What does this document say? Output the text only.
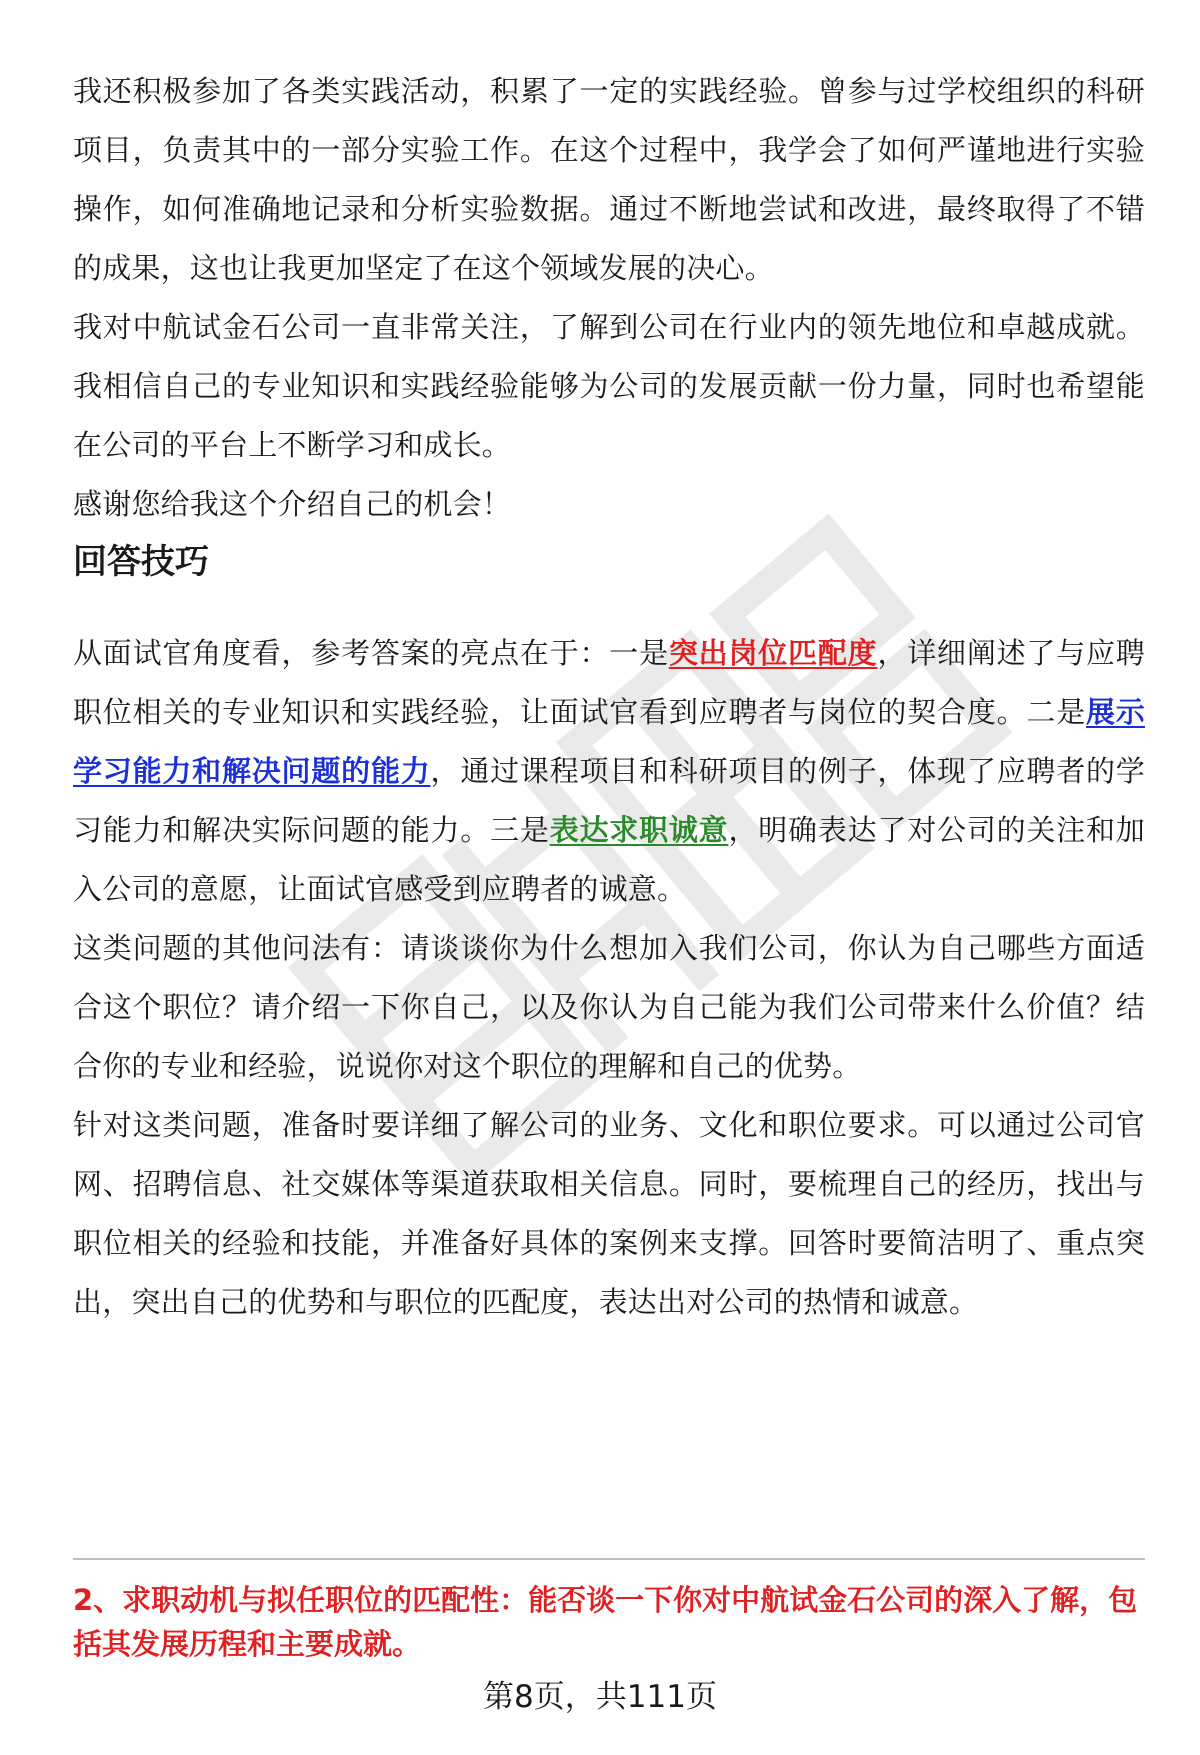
我还积极参加了各类实践活动，积累了一定的实践经验。曾参与过学校组织的科研项目，负责其中的一部分实验工作。在这个过程中，我学会了如何严谨地进行实验操作，如何准确地记录和分析实验数据。通过不断地尝试和改进，最终取得了不错的成果，这也让我更加坚定了在这个领域发展的决心。

我对中航试金石公司一直非常关注，了解到公司在行业内的领先地位和卓越成就。我相信自己的专业知识和实践经验能够为公司的发展贡献一份力量，同时也希望能在公司的平台上不断学习和成长。

感谢您给我这个介绍自己的机会！

回答技巧

从面试官角度看，参考答案的亮点在于：一是突出岗位匹配度，详细阐述了与应聘职位相关的专业知识和实践经验，让面试官看到应聘者与岗位的契合度。二是展示学习能力和解决问题的能力，通过课程项目和科研项目的例子，体现了应聘者的学习能力和解决实际问题的能力。三是表达求职诚意，明确表达了对公司的关注和加入公司的意愿，让面试官感受到应聘者的诚意。

这类问题的其他问法有：请谈谈你为什么想加入我们公司，你认为自己哪些方面适合这个职位？请介绍一下你自己，以及你认为自己能为我们公司带来什么价值？结合你的专业和经验，说说你对这个职位的理解和自己的优势。

针对这类问题，准备时要详细了解公司的业务、文化和职位要求。可以通过公司官网、招聘信息、社交媒体等渠道获取相关信息。同时，要梳理自己的经历，找出与职位相关的经验和技能，并准备好具体的案例来支撑。回答时要简洁明了、重点突出，突出自己的优势和与职位的匹配度，表达出对公司的热情和诚意。

2、求职动机与拟任职位的匹配性：能否谈一下你对中航试金石公司的深入了解，包括其发展历程和主要成就。

第8页，共111页
